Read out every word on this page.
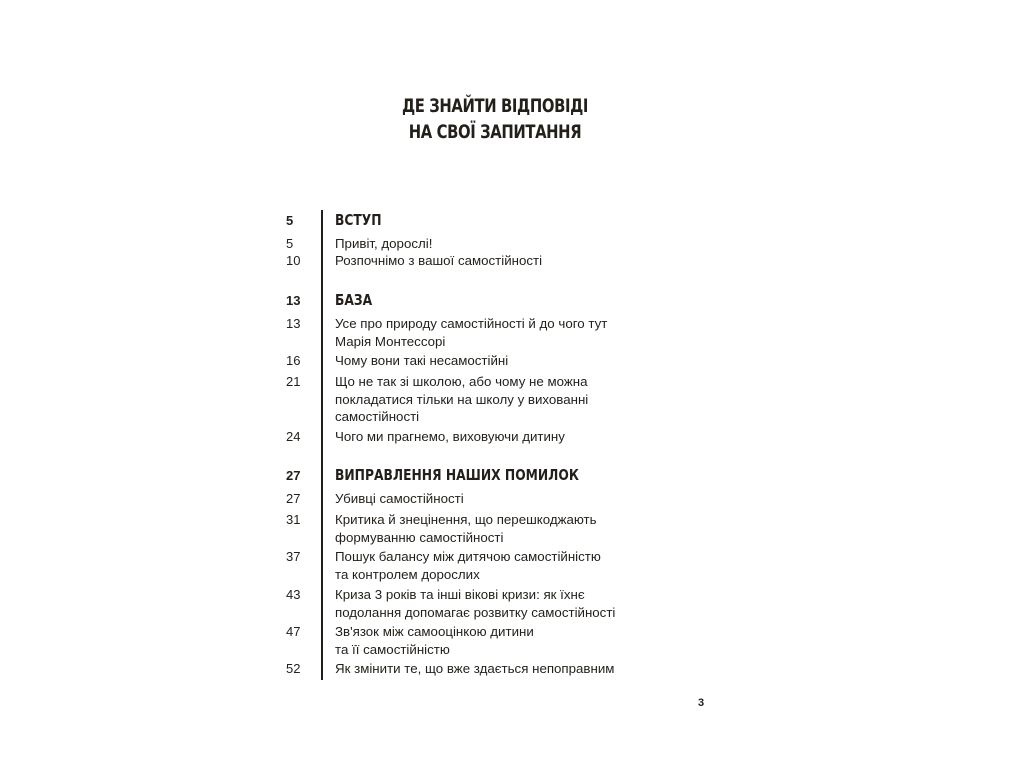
ДЕ ЗНАЙТИ ВІДПОВІДІ
НА СВОЇ ЗАПИТАННЯ
5	ВСТУП
5	Привіт, дорослі!
10	Розпочнімо з вашої самостійності
13	БАЗА
13	Усе про природу самостійності й до чого тут
Марія Монтессорі
16	Чому вони такі несамостійні
21	Що не так зі школою, або чому не можна
покладатися тільки на школу у вихованні
самостійності
24	Чого ми прагнемо, виховуючи дитину
27	ВИПРАВЛЕННЯ НАШИХ ПОМИЛОК
27	Убивці самостійності
31	Критика й знецінення, що перешкоджають
формуванню самостійності
37	Пошук балансу між дитячою самостійністю
та контролем дорослих
43	Криза 3 років та інші вікові кризи: як їхнє
подолання допомагає розвитку самостійності
47	Зв'язок між самооцінкою дитини
та її самостійністю
52	Як змінити те, що вже здається непоправним
3
